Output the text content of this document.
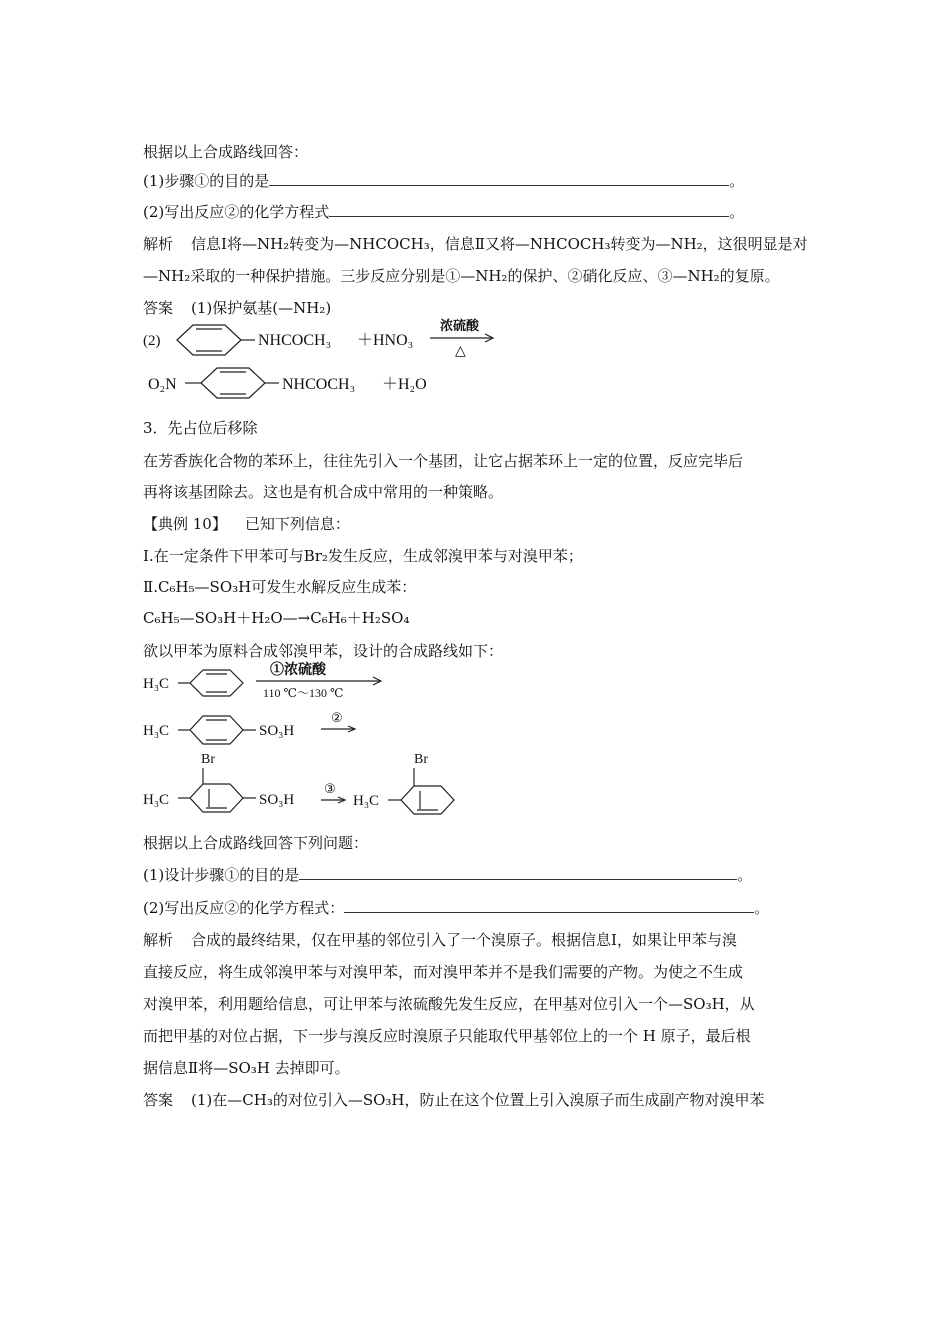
根据以上合成路线回答：
(1)步骤①的目的是	。
(2)写出反应②的化学方程式	。
解析 信息Ⅰ将—NH₂转变为—NHCOCH₃，信息Ⅱ又将—NHCOCH₃转变为—NH₂，这很明显是对
—NH₂采取的一种保护措施。三步反应分别是①—NH₂的保护、②硝化反应、③—NH₂的复原。
答案 (1)保护氨基(—NH₂)
(2)	NHCOCH₃ ＋HNO₃
浓硫酸
△
O₂N	NHCOCH₃ ＋H₂O
H₃C
①浓硫酸
110 ℃～130 ℃
H₃C	SO₃H
②
Br
H₃C	SO₃H
③
H₃C
Br
3．先占位后移除
在芳香族化合物的苯环上，往往先引入一个基团，让它占据苯环上一定的位置，反应完毕后
再将该基团除去。这也是有机合成中常用的一种策略。
【典例 10】 已知下列信息：
Ⅰ.在一定条件下甲苯可与Br₂发生反应，生成邻溴甲苯与对溴甲苯；
Ⅱ.C₆H₅—SO₃H可发生水解反应生成苯：
C₆H₅—SO₃H＋H₂O—→C₆H₆＋H₂SO₄
欲以甲苯为原料合成邻溴甲苯，设计的合成路线如下：
根据以上合成路线回答下列问题：
(1)设计步骤①的目的是	。
(2)写出反应②的化学方程式：	。
解析 合成的最终结果，仅在甲基的邻位引入了一个溴原子。根据信息Ⅰ，如果让甲苯与溴
直接反应，将生成邻溴甲苯与对溴甲苯，而对溴甲苯并不是我们需要的产物。为使之不生成
对溴甲苯，利用题给信息，可让甲苯与浓硫酸先发生反应，在甲基对位引入一个—SO₃H，从
而把甲基的对位占据，下一步与溴反应时溴原子只能取代甲基邻位上的一个 H 原子，最后根
据信息Ⅱ将—SO₃H 去掉即可。
答案 (1)在—CH₃的对位引入—SO₃H，防止在这个位置上引入溴原子而生成副产物对溴甲苯
